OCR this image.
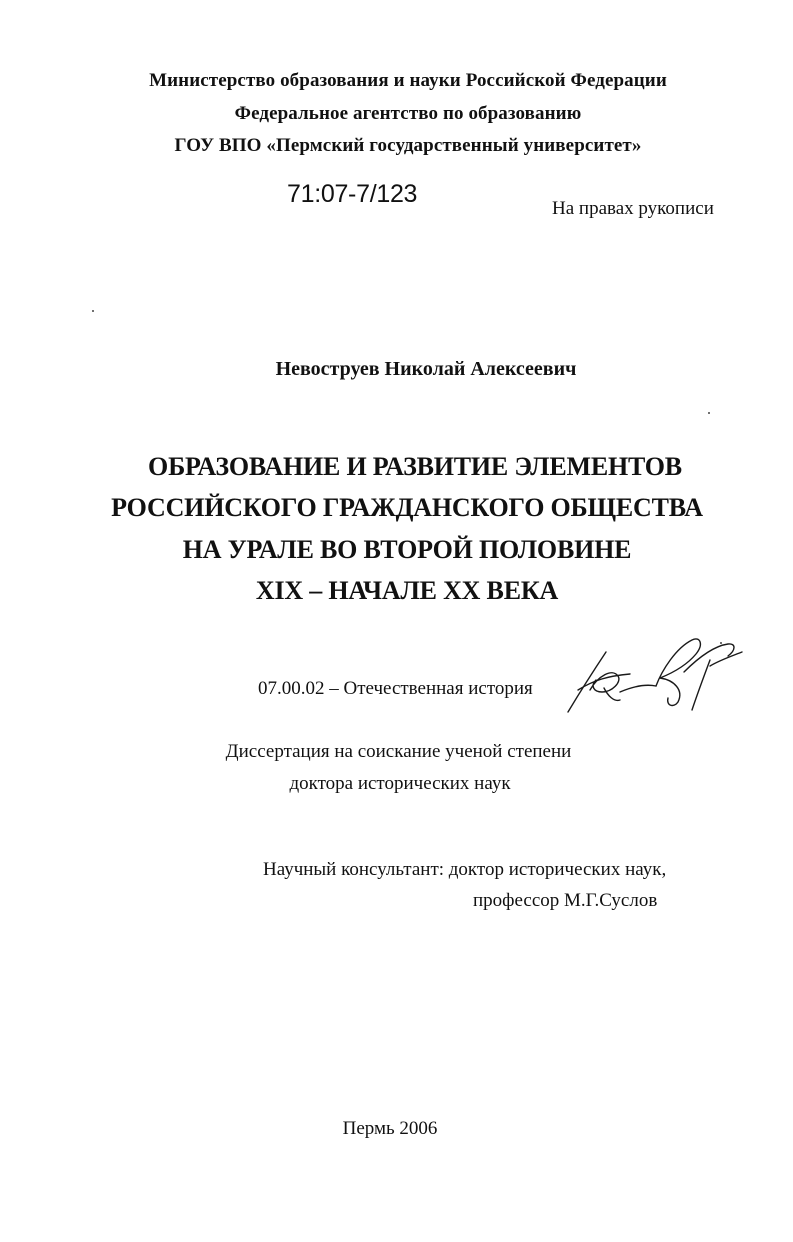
Министерство образования и науки Российской Федерации
Федеральное агентство по образованию
ГОУ ВПО «Пермский государственный университет»
71:07-7/123
На правах рукописи
Невоструев Николай Алексеевич
ОБРАЗОВАНИЕ И РАЗВИТИЕ ЭЛЕМЕНТОВ
РОССИЙСКОГО ГРАЖДАНСКОГО ОБЩЕСТВА
НА УРАЛЕ ВО ВТОРОЙ ПОЛОВИНЕ
XIX – НАЧАЛЕ XX ВЕКА
07.00.02 – Отечественная история
Диссертация на соискание ученой степени
доктора исторических наук
Научный консультант: доктор исторических наук,
профессор М.Г.Суслов
Пермь 2006
